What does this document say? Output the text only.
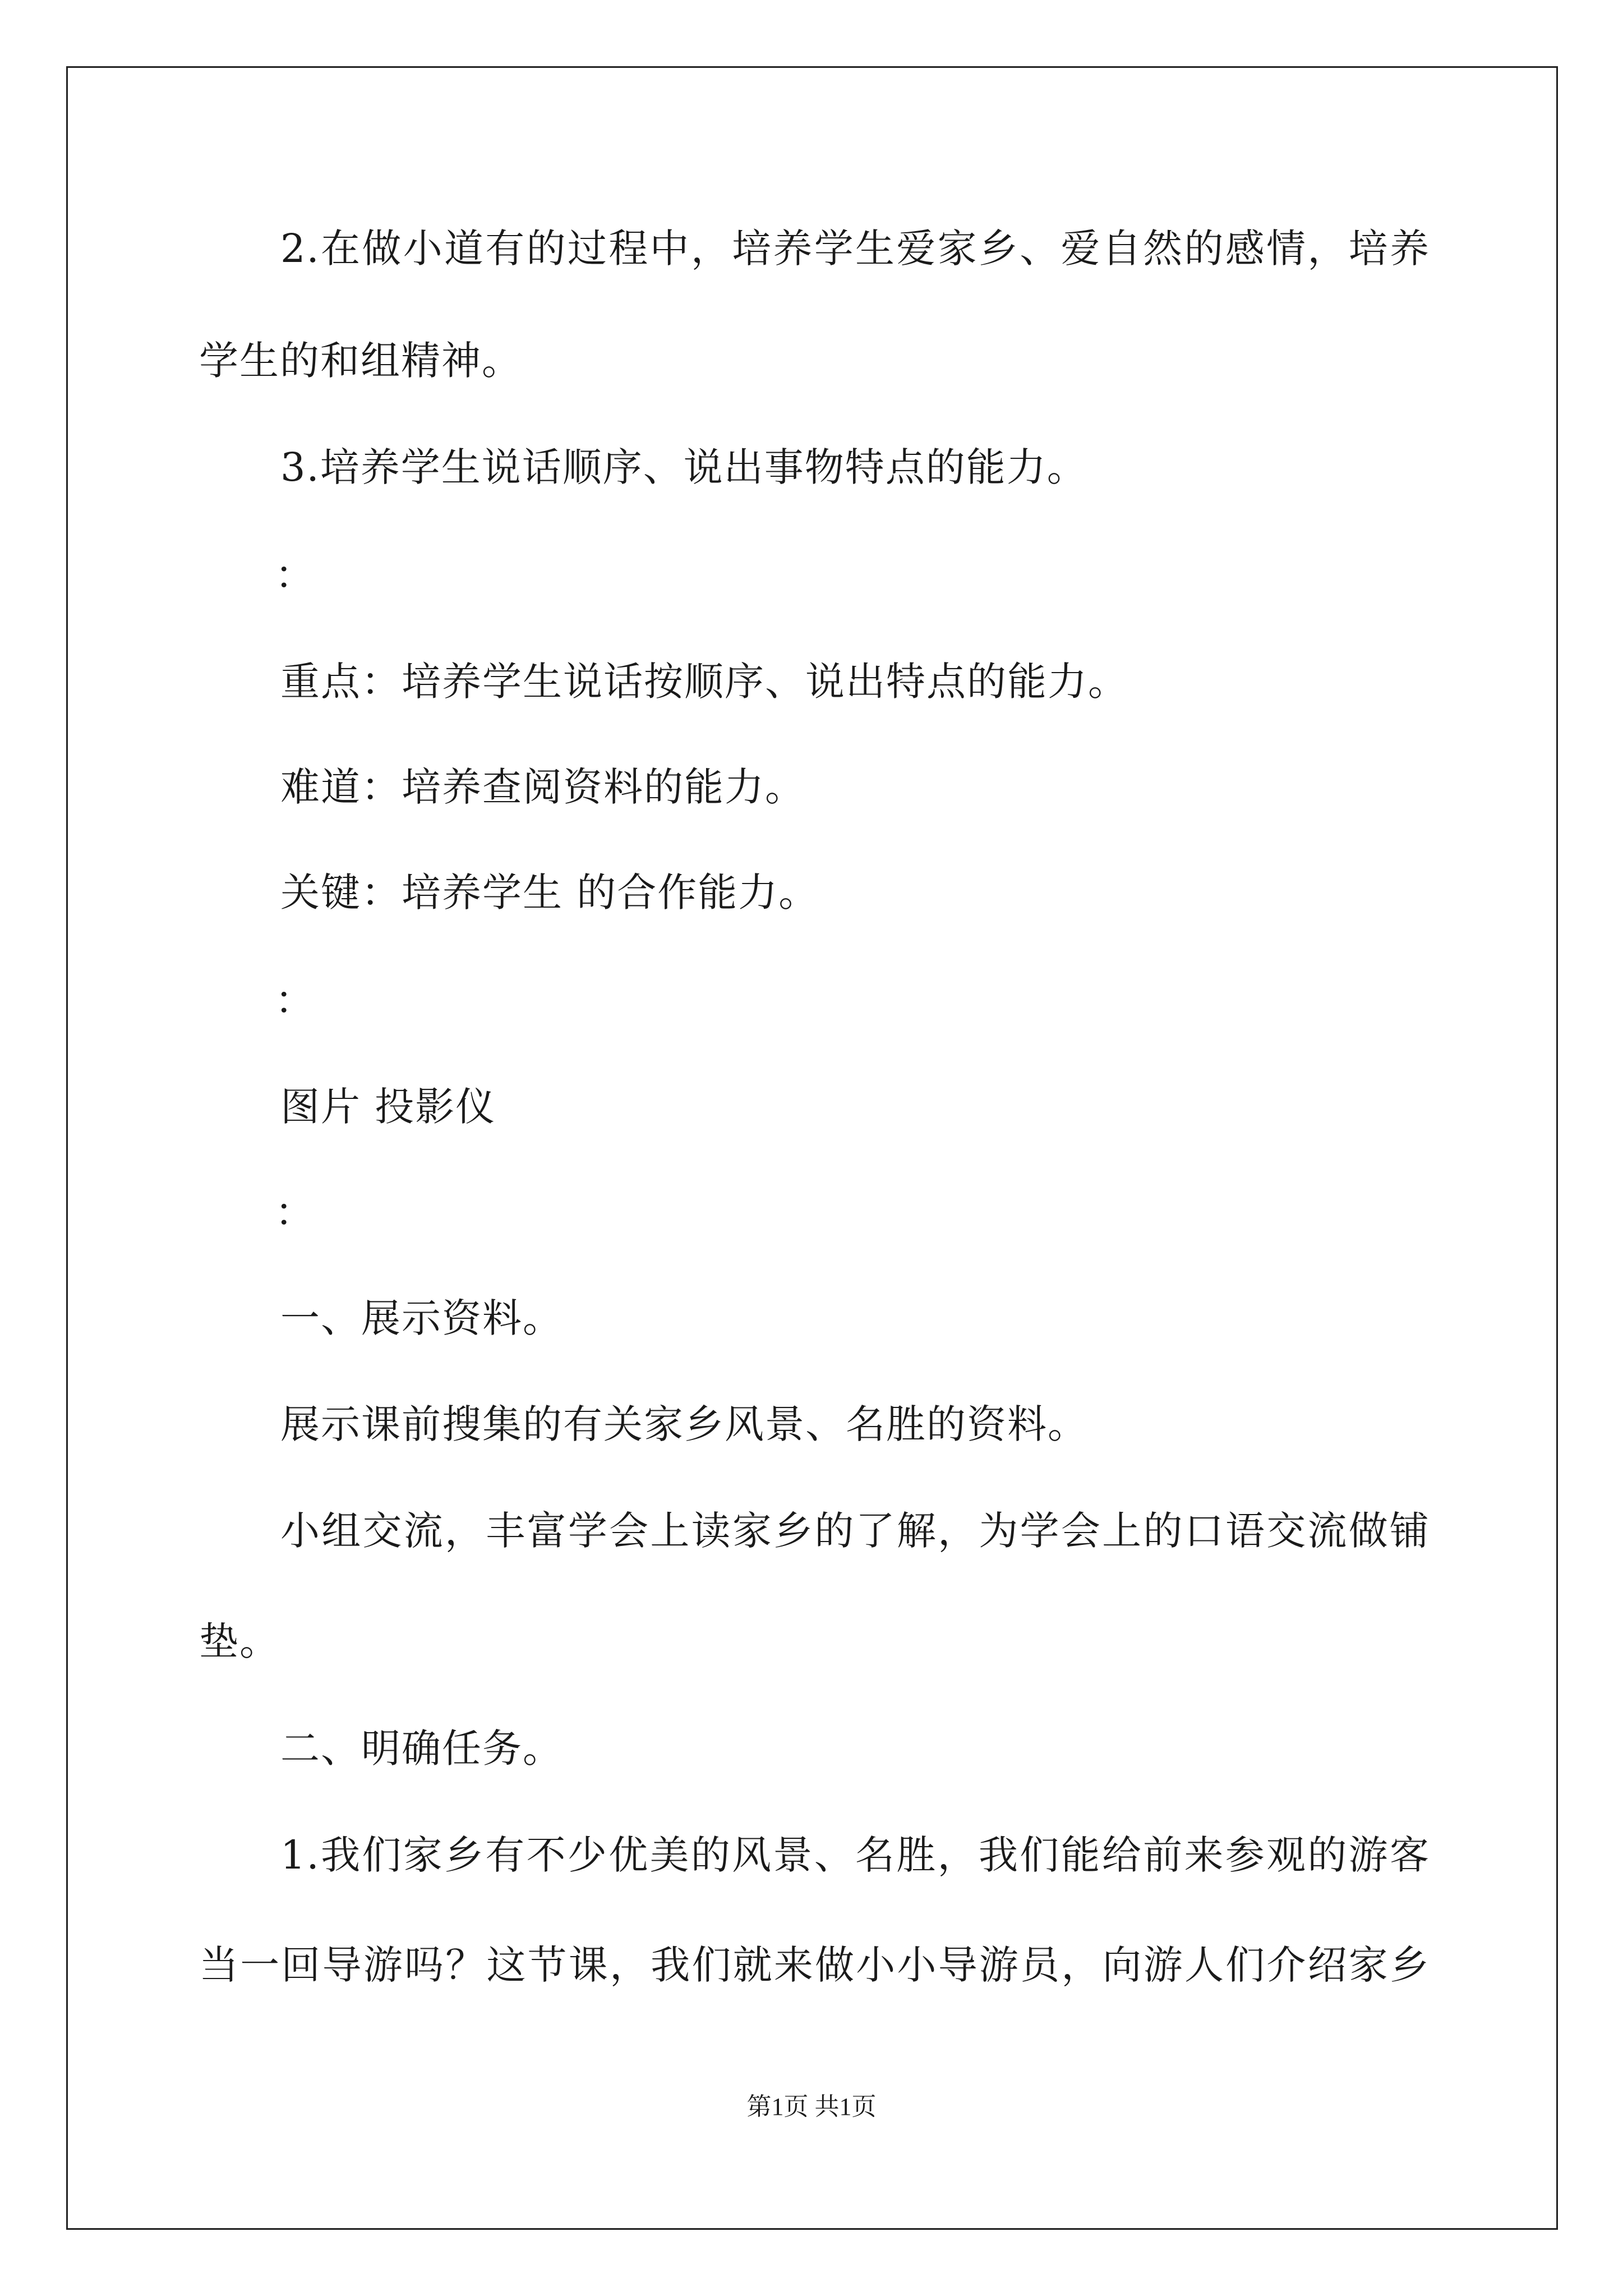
2.在做小道有的过程中，培养学生爱家乡、爱自然的感情，培养
学生的和组精神。
3.培养学生说话顺序、说出事物特点的能力。
：
重点：培养学生说话按顺序、说出特点的能力。
难道：培养查阅资料的能力。
关键：培养学生 的合作能力。
：
图片 投影仪
：
一、展示资料。
展示课前搜集的有关家乡风景、名胜的资料。
小组交流，丰富学会上读家乡的了解，为学会上的口语交流做铺
垫。
二、明确任务。
1.我们家乡有不少优美的风景、名胜，我们能给前来参观的游客
当一回导游吗？这节课，我们就来做小小导游员，向游人们介绍家乡
第1页 共1页
